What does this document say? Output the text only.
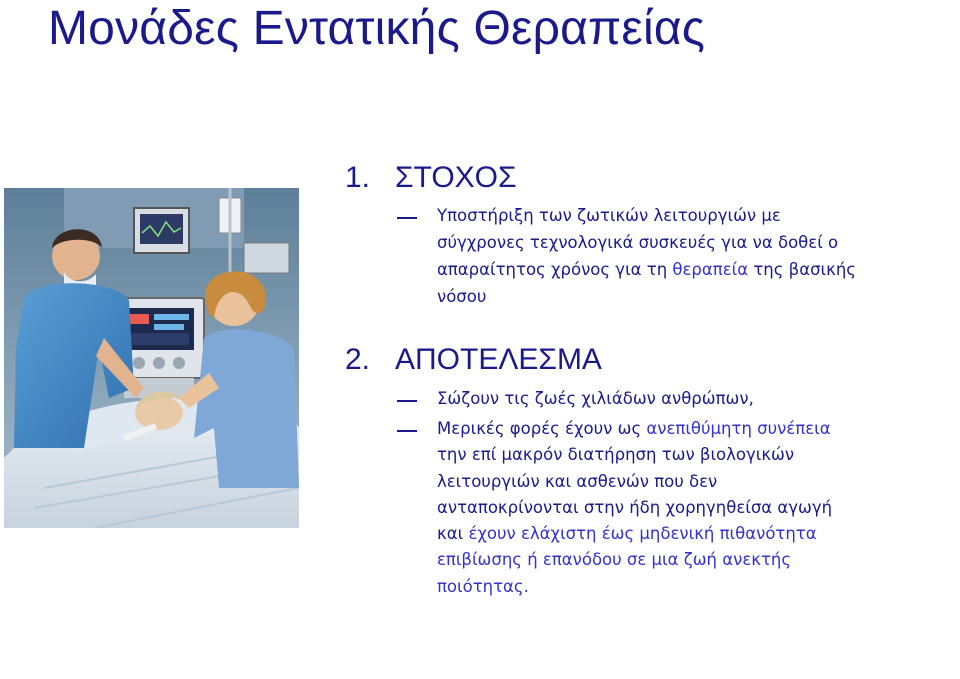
Μονάδες Εντατικής Θεραπείας
1. ΣΤΟΧΟΣ
Υποστήριξη των ζωτικών λειτουργιών με
σύγχρονες τεχνολογικά συσκευές για να δοθεί ο
απαραίτητος χρόνος για τη θεραπεία της βασικής
νόσου
2. ΑΠΟΤΕΛΕΣΜΑ
Σώζουν τις ζωές χιλιάδων ανθρώπων,
Μερικές φορές έχουν ως ανεπιθύμητη συνέπεια
την επί μακρόν διατήρηση των βιολογικών
λειτουργιών και ασθενών που δεν
ανταποκρίνονται στην ήδη χορηγηθείσα αγωγή
και έχουν ελάχιστη έως μηδενική πιθανότητα
επιβίωσης ή επανόδου σε μια ζωή ανεκτής
ποιότητας.
